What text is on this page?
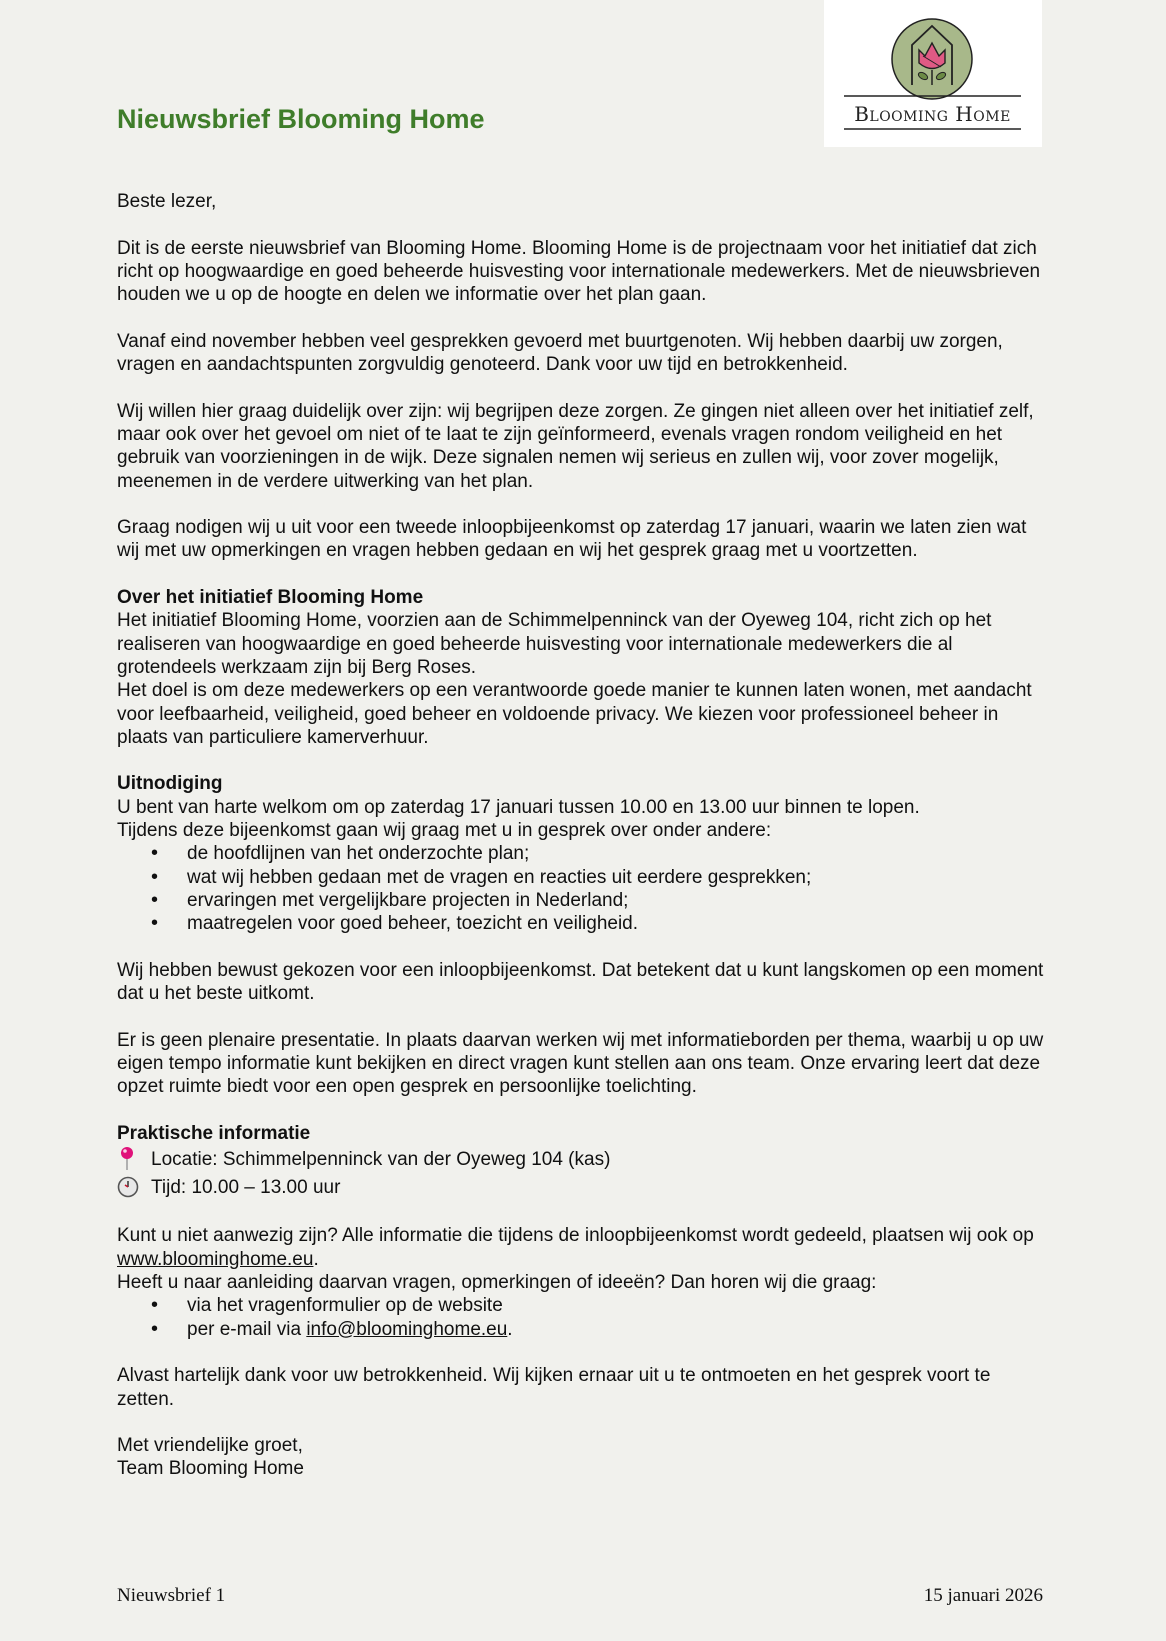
Blooming Home
Nieuwsbrief Blooming Home

Beste lezer,

Dit is de eerste nieuwsbrief van Blooming Home. Blooming Home is de projectnaam voor het initiatief dat zich richt op hoogwaardige en goed beheerde huisvesting voor internationale medewerkers. Met de nieuwsbrieven houden we u op de hoogte en delen we informatie over het plan gaan.

Vanaf eind november hebben veel gesprekken gevoerd met buurtgenoten. Wij hebben daarbij uw zorgen, vragen en aandachtspunten zorgvuldig genoteerd. Dank voor uw tijd en betrokkenheid.

Wij willen hier graag duidelijk over zijn: wij begrijpen deze zorgen. Ze gingen niet alleen over het initiatief zelf, maar ook over het gevoel om niet of te laat te zijn geïnformeerd, evenals vragen rondom veiligheid en het gebruik van voorzieningen in de wijk. Deze signalen nemen wij serieus en zullen wij, voor zover mogelijk, meenemen in de verdere uitwerking van het plan.

Graag nodigen wij u uit voor een tweede inloopbijeenkomst op zaterdag 17 januari, waarin we laten zien wat wij met uw opmerkingen en vragen hebben gedaan en wij het gesprek graag met u voortzetten.

Over het initiatief Blooming Home
Het initiatief Blooming Home, voorzien aan de Schimmelpenninck van der Oyeweg 104, richt zich op het realiseren van hoogwaardige en goed beheerde huisvesting voor internationale medewerkers die al grotendeels werkzaam zijn bij Berg Roses.
Het doel is om deze medewerkers op een verantwoorde goede manier te kunnen laten wonen, met aandacht voor leefbaarheid, veiligheid, goed beheer en voldoende privacy. We kiezen voor professioneel beheer in plaats van particuliere kamerverhuur.
Uitnodiging
U bent van harte welkom om op zaterdag 17 januari tussen 10.00 en 13.00 uur binnen te lopen.
Tijdens deze bijeenkomst gaan wij graag met u in gesprek over onder andere:
• de hoofdlijnen van het onderzochte plan;
• wat wij hebben gedaan met de vragen en reacties uit eerdere gesprekken;
• ervaringen met vergelijkbare projecten in Nederland;
• maatregelen voor goed beheer, toezicht en veiligheid.

Wij hebben bewust gekozen voor een inloopbijeenkomst. Dat betekent dat u kunt langskomen op een moment dat u het beste uitkomt.

Er is geen plenaire presentatie. In plaats daarvan werken wij met informatieborden per thema, waarbij u op uw eigen tempo informatie kunt bekijken en direct vragen kunt stellen aan ons team. Onze ervaring leert dat deze opzet ruimte biedt voor een open gesprek en persoonlijke toelichting.

Praktische informatie
Locatie: Schimmelpenninck van der Oyeweg 104 (kas)
Tijd: 10.00 – 13.00 uur
Kunt u niet aanwezig zijn? Alle informatie die tijdens de inloopbijeenkomst wordt gedeeld, plaatsen wij ook op www.bloominghome.eu.
Heeft u naar aanleiding daarvan vragen, opmerkingen of ideeën? Dan horen wij die graag:
• via het vragenformulier op de website
• per e-mail via info@bloominghome.eu.

Alvast hartelijk dank voor uw betrokkenheid. Wij kijken ernaar uit u te ontmoeten en het gesprek voort te zetten.

Met vriendelijke groet,
Team Blooming Home
Nieuwsbrief 1	15 januari 2026
